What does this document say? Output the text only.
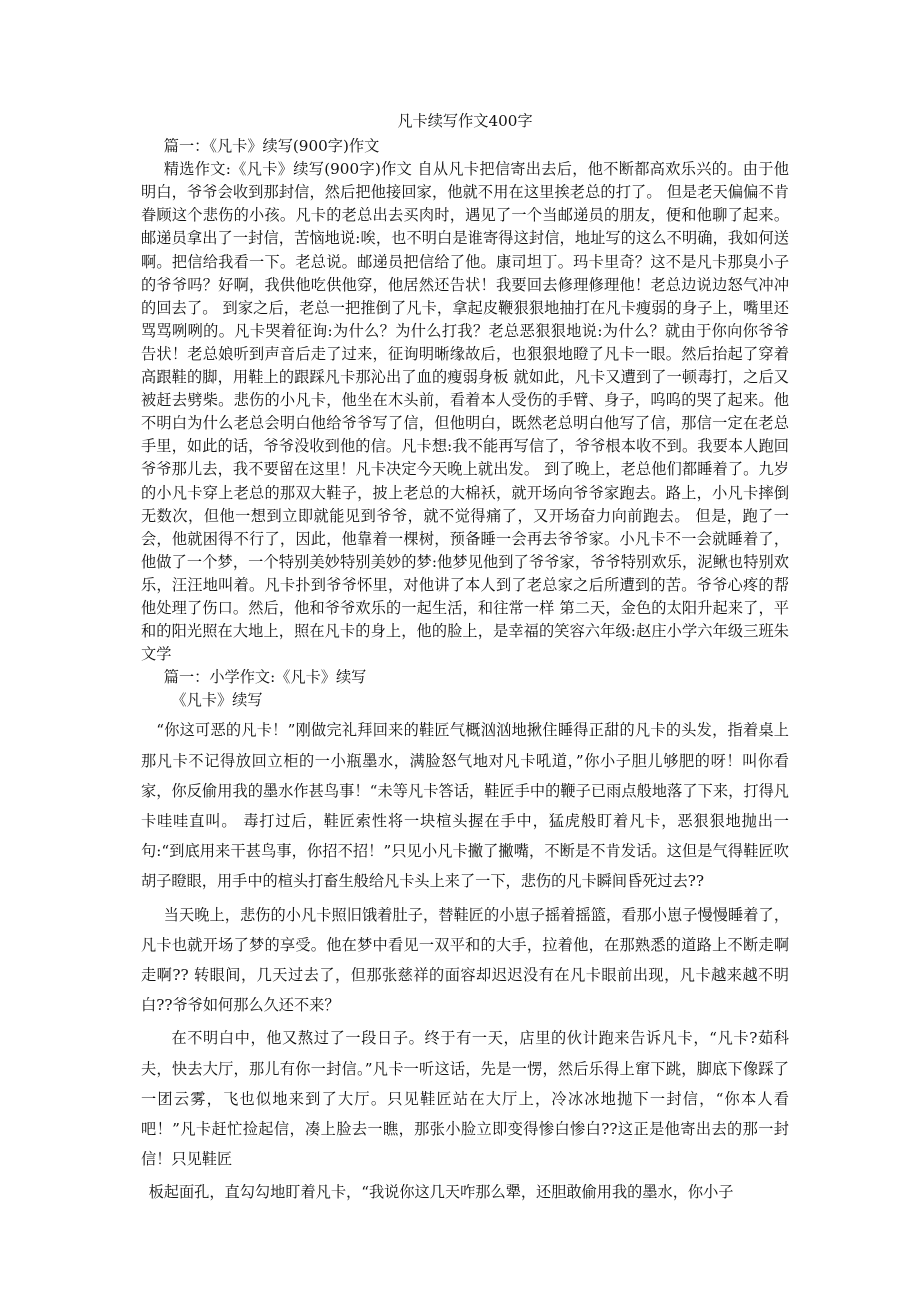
凡卡续写作文400字

篇一：《凡卡》续写(900字)作文

精选作文:《凡卡》续写(900字)作文 自从凡卡把信寄出去后，他不断都高欢乐兴的。由于他明白，爷爷会收到那封信，然后把他接回家，他就不用在这里挨老总的打了。 但是老天偏偏不肯眷顾这个悲伤的小孩。凡卡的老总出去买肉时，遇见了一个当邮递员的朋友，便和他聊了起来。邮递员拿出了一封信，苦恼地说:唉，也不明白是谁寄得这封信，地址写的这么不明确，我如何送啊。把信给我看一下。老总说。邮递员把信给了他。康司坦丁。玛卡里奇？这不是凡卡那臭小子的爷爷吗？好啊，我供他吃供他穿，他居然还告状！我要回去修理修理他！老总边说边怒气冲冲的回去了。 到家之后，老总一把推倒了凡卡，拿起皮鞭狠狠地抽打在凡卡瘦弱的身子上，嘴里还骂骂咧咧的。凡卡哭着征询:为什么？为什么打我？老总恶狠狠地说:为什么？就由于你向你爷爷告状！老总娘听到声音后走了过来，征询明晰缘故后，也狠狠地瞪了凡卡一眼。然后抬起了穿着高跟鞋的脚，用鞋上的跟踩凡卡那沁出了血的瘦弱身板 就如此，凡卡又遭到了一顿毒打，之后又被赶去劈柴。悲伤的小凡卡，他坐在木头前，看着本人受伤的手臂、身子，呜呜的哭了起来。他不明白为什么老总会明白他给爷爷写了信，但他明白，既然老总明白他写了信，那信一定在老总手里，如此的话，爷爷没收到他的信。凡卡想:我不能再写信了，爷爷根本收不到。我要本人跑回爷爷那儿去，我不要留在这里！凡卡决定今天晚上就出发。 到了晚上，老总他们都睡着了。九岁的小凡卡穿上老总的那双大鞋子，披上老总的大棉袄，就开场向爷爷家跑去。路上，小凡卡摔倒无数次，但他一想到立即就能见到爷爷，就不觉得痛了，又开场奋力向前跑去。 但是，跑了一会，他就困得不行了，因此，他靠着一棵树，预备睡一会再去爷爷家。小凡卡不一会就睡着了，他做了一个梦，一个特别美妙特别美妙的梦:他梦见他到了爷爷家，爷爷特别欢乐，泥鳅也特别欢乐，汪汪地叫着。凡卡扑到爷爷怀里，对他讲了本人到了老总家之后所遭到的苦。爷爷心疼的帮他处理了伤口。然后，他和爷爷欢乐的一起生活，和往常一样 第二天，金色的太阳升起来了，平和的阳光照在大地上，照在凡卡的身上，他的脸上，是幸福的笑容六年级:赵庄小学六年级三班朱文学

篇一：小学作文:《凡卡》续写

《凡卡》续写

“你这可恶的凡卡！”刚做完礼拜回来的鞋匠气概汹汹地揪住睡得正甜的凡卡的头发，指着桌上那凡卡不记得放回立柜的一小瓶墨水，满脸怒气地对凡卡吼道，”你小子胆儿够肥的呀！叫你看家，你反偷用我的墨水作甚鸟事！“未等凡卡答话，鞋匠手中的鞭子已雨点般地落了下来，打得凡卡哇哇直叫。 毒打过后，鞋匠索性将一块楦头握在手中，猛虎般盯着凡卡，恶狠狠地抛出一句:“到底用来干甚鸟事，你招不招！”只见小凡卡撇了撇嘴，不断是不肯发话。这但是气得鞋匠吹胡子瞪眼，用手中的楦头打畜生般给凡卡头上来了一下，悲伤的凡卡瞬间昏死过去??

当天晚上，悲伤的小凡卡照旧饿着肚子，替鞋匠的小崽子摇着摇篮，看那小崽子慢慢睡着了，凡卡也就开场了梦的享受。他在梦中看见一双平和的大手，拉着他，在那熟悉的道路上不断走啊走啊?? 转眼间，几天过去了，但那张慈祥的面容却迟迟没有在凡卡眼前出现，凡卡越来越不明白??爷爷如何那么久还不来？

在不明白中，他又熬过了一段日子。终于有一天，店里的伙计跑来告诉凡卡，“凡卡?茹科夫，快去大厅，那儿有你一封信。”凡卡一听这话，先是一愣，然后乐得上窜下跳，脚底下像踩了一团云雾，飞也似地来到了大厅。只见鞋匠站在大厅上，冷冰冰地抛下一封信，“你本人看吧！”凡卡赶忙捡起信，凑上脸去一瞧，那张小脸立即变得惨白惨白??这正是他寄出去的那一封信！只见鞋匠

板起面孔，直勾勾地盯着凡卡，“我说你这几天咋那么犟，还胆敢偷用我的墨水，你小子
